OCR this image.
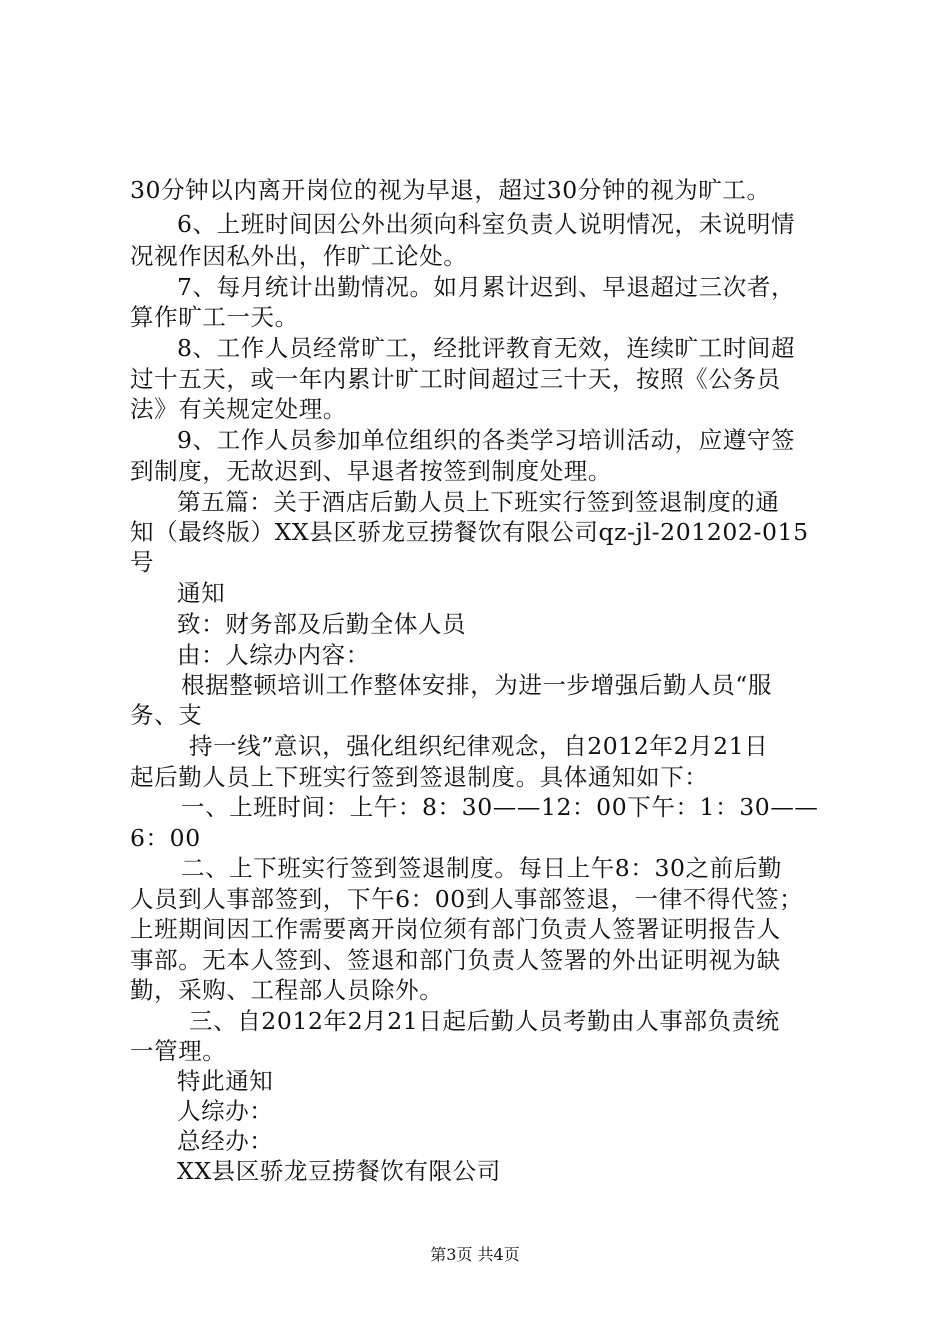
30分钟以内离开岗位的视为早退，超过30分钟的视为旷工。
6、上班时间因公外出须向科室负责人说明情况，未说明情
况视作因私外出，作旷工论处。
7、每月统计出勤情况。如月累计迟到、早退超过三次者，
算作旷工一天。
8、工作人员经常旷工，经批评教育无效，连续旷工时间超
过十五天，或一年内累计旷工时间超过三十天，按照《公务员
法》有关规定处理。
9、工作人员参加单位组织的各类学习培训活动，应遵守签
到制度，无故迟到、早退者按签到制度处理。
第五篇：关于酒店后勤人员上下班实行签到签退制度的通
知（最终版）XX县区骄龙豆捞餐饮有限公司qz-jl-201202-015
号
通知
致：财务部及后勤全体人员
由：人综办内容：
根据整顿培训工作整体安排，为进一步增强后勤人员“服
务、支
持一线”意识，强化组织纪律观念，自2012年2月21日
起后勤人员上下班实行签到签退制度。具体通知如下：
一、上班时间：上午：8：30——12：00下午：1：30——
6：00
二、上下班实行签到签退制度。每日上午8：30之前后勤
人员到人事部签到，下午6：00到人事部签退，一律不得代签；
上班期间因工作需要离开岗位须有部门负责人签署证明报告人
事部。无本人签到、签退和部门负责人签署的外出证明视为缺
勤，采购、工程部人员除外。
三、自2012年2月21日起后勤人员考勤由人事部负责统
一管理。
特此通知
人综办：
总经办：
XX县区骄龙豆捞餐饮有限公司
第3页 共4页
